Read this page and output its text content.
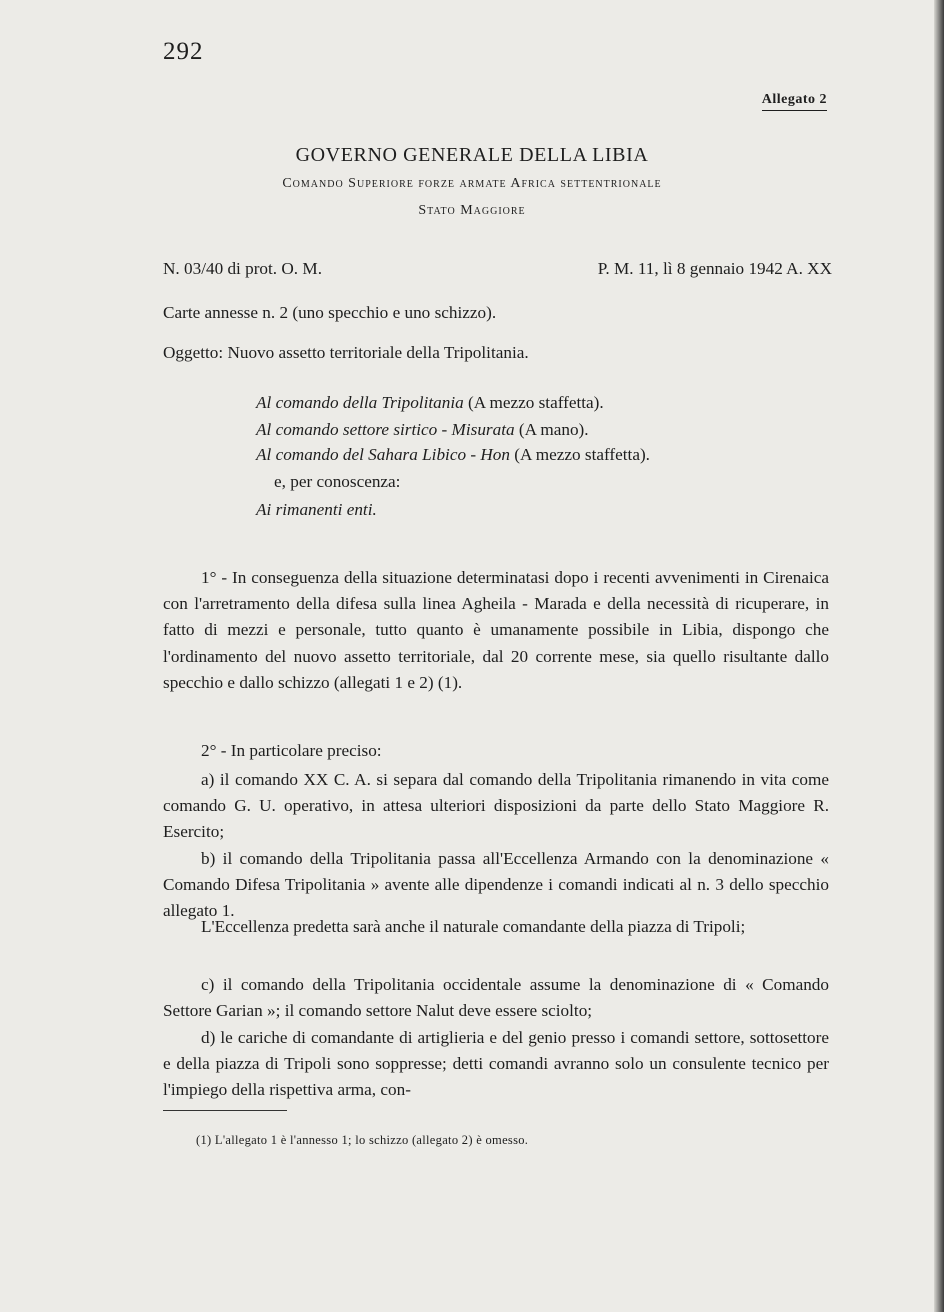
292
Allegato 2
GOVERNO GENERALE DELLA LIBIA
Comando Superiore forze armate Africa settentrionale
Stato Maggiore
N. 03/40 di prot. O. M.	P. M. 11, lì 8 gennaio 1942 A. XX
Carte annesse n. 2 (uno specchio e uno schizzo).
Oggetto: Nuovo assetto territoriale della Tripolitania.
Al comando della Tripolitania (A mezzo staffetta).
Al comando settore sirtico - Misurata (A mano).
Al comando del Sahara Libico - Hon (A mezzo staffetta).
e, per conoscenza:
Ai rimanenti enti.

1° - In conseguenza della situazione determinatasi dopo i recenti avvenimenti in Cirenaica con l'arretramento della difesa sulla linea Agheila - Marada e della necessità di ricuperare, in fatto di mezzi e personale, tutto quanto è umanamente possibile in Libia, dispongo che l'ordinamento del nuovo assetto territoriale, dal 20 corrente mese, sia quello risultante dallo specchio e dallo schizzo (allegati 1 e 2) (1).

2° - In particolare preciso:

a) il comando XX C. A. si separa dal comando della Tripolitania rimanendo in vita come comando G. U. operativo, in attesa ulteriori disposizioni da parte dello Stato Maggiore R. Esercito;

b) il comando della Tripolitania passa all'Eccellenza Armando con la denominazione « Comando Difesa Tripolitania » avente alle dipendenze i comandi indicati al n. 3 dello specchio allegato 1.

L'Eccellenza predetta sarà anche il naturale comandante della piazza di Tripoli;

c) il comando della Tripolitania occidentale assume la denominazione di « Comando Settore Garian »; il comando settore Nalut deve essere sciolto;

d) le cariche di comandante di artiglieria e del genio presso i comandi settore, sottosettore e della piazza di Tripoli sono soppresse; detti comandi avranno solo un consulente tecnico per l'impiego della rispettiva arma, con-

(1) L'allegato 1 è l'annesso 1; lo schizzo (allegato 2) è omesso.
